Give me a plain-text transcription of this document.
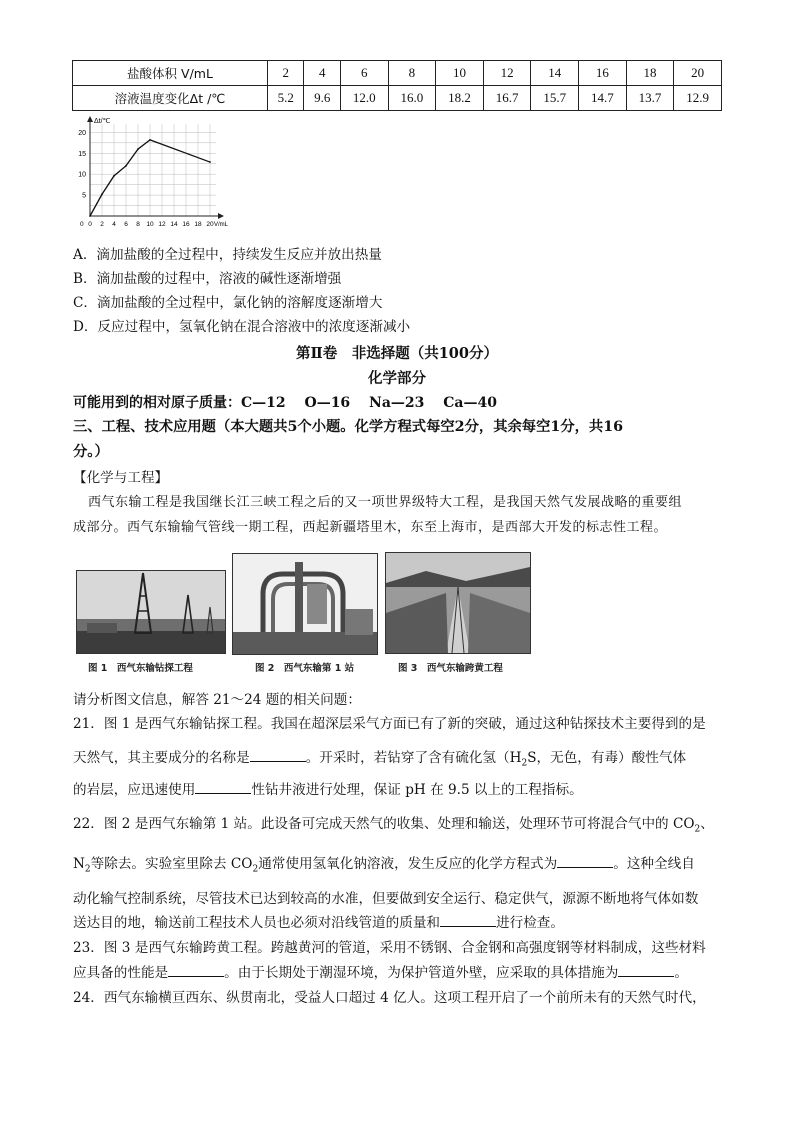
盐酸体积 V/mL	2	4	6	8	10	12	14	16	18	20
溶液温度变化Δt /℃	5.2	9.6	12.0	16.0	18.2	16.7	15.7	14.7	13.7	12.9
0 2 4 6 8 10 12 14 16 18 20
5
10
15
20
0
Δt/℃
V/mL
A．滴加盐酸的全过程中，持续发生反应并放出热量
B．滴加盐酸的过程中，溶液的碱性逐渐增强
C．滴加盐酸的全过程中，氯化钠的溶解度逐渐增大
D．反应过程中，氢氧化钠在混合溶液中的浓度逐渐减小
第Ⅱ卷　非选择题（共100分）
化学部分
可能用到的相对原子质量：C—12　 O—16　 Na—23　 Ca—40
三、工程、技术应用题（本大题共5个小题。化学方程式每空2分，其余每空1分，共16
分。）
【化学与工程】
西气东输工程是我国继长江三峡工程之后的又一项世界级特大工程，是我国天然气发展战略的重要组
成部分。西气东输输气管线一期工程，西起新疆塔里木，东至上海市，是西部大开发的标志性工程。
图 1　西气东输钻探工程	图 2　西气东输第 1 站	图 3　西气东输跨黄工程
请分析图文信息，解答 21～24 题的相关问题：
21．图 1 是西气东输钻探工程。我国在超深层采气方面已有了新的突破，通过这种钻探技术主要得到的是
天然气，其主要成分的名称是	。开采时，若钻穿了含有硫化氢（$H_2S$，无色，有毒）酸性气体
的岩层，应迅速使用	性钻井液进行处理，保证 pH 在 9.5 以上的工程指标。
22．图 2 是西气东输第 1 站。此设备可完成天然气的收集、处理和输送，处理环节可将混合气中的 $CO_2$、
$N_2$等除去。实验室里除去 $CO_2$通常使用氢氧化钠溶液，发生反应的化学方程式为	。这种全线自
动化输气控制系统，尽管技术已达到较高的水准，但要做到安全运行、稳定供气，源源不断地将气体如数
送达目的地，输送前工程技术人员也必须对沿线管道的质量和	进行检查。
23．图 3 是西气东输跨黄工程。跨越黄河的管道，采用不锈钢、合金钢和高强度钢等材料制成，这些材料
应具备的性能是	。由于长期处于潮湿环境，为保护管道外壁，应采取的具体措施为	。
24．西气东输横亘西东、纵贯南北，受益人口超过 4 亿人。这项工程开启了一个前所未有的天然气时代，
